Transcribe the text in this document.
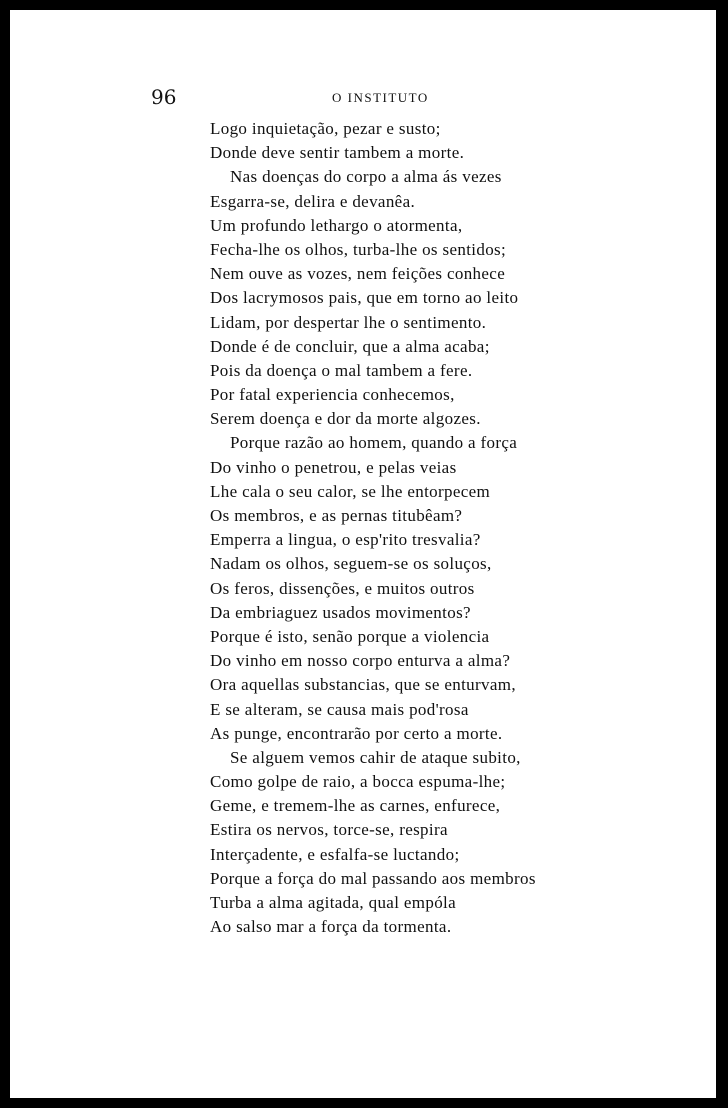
96	O INSTITUTO
Logo inquietação, pezar e susto;
Donde deve sentir tambem a morte.
Nas doenças do corpo a alma ás vezes
Esgarra-se, delira e devanêa.
Um profundo lethargo o atormenta,
Fecha-lhe os olhos, turba-lhe os sentidos;
Nem ouve as vozes, nem feições conhece
Dos lacrymosos pais, que em torno ao leito
Lidam, por despertar lhe o sentimento.
Donde é de concluir, que a alma acaba;
Pois da doença o mal tambem a fere.
Por fatal experiencia conhecemos,
Serem doença e dor da morte algozes.
Porque razão ao homem, quando a força
Do vinho o penetrou, e pelas veias
Lhe cala o seu calor, se lhe entorpecem
Os membros, e as pernas titubêam?
Emperra a lingua, o esp'rito tresvalia?
Nadam os olhos, seguem-se os soluços,
Os feros, dissenções, e muitos outros
Da embriaguez usados movimentos?
Porque é isto, senão porque a violencia
Do vinho em nosso corpo enturva a alma?
Ora aquellas substancias, que se enturvam,
E se alteram, se causa mais pod'rosa
As punge, encontrarão por certo a morte.
Se alguem vemos cahir de ataque subito,
Como golpe de raio, a bocca espuma-lhe;
Geme, e tremem-lhe as carnes, enfurece,
Estira os nervos, torce-se, respira
Interçadente, e esfalfa-se luctando;
Porque a força do mal passando aos membros
Turba a alma agitada, qual empóla
Ao salso mar a força da tormenta.
